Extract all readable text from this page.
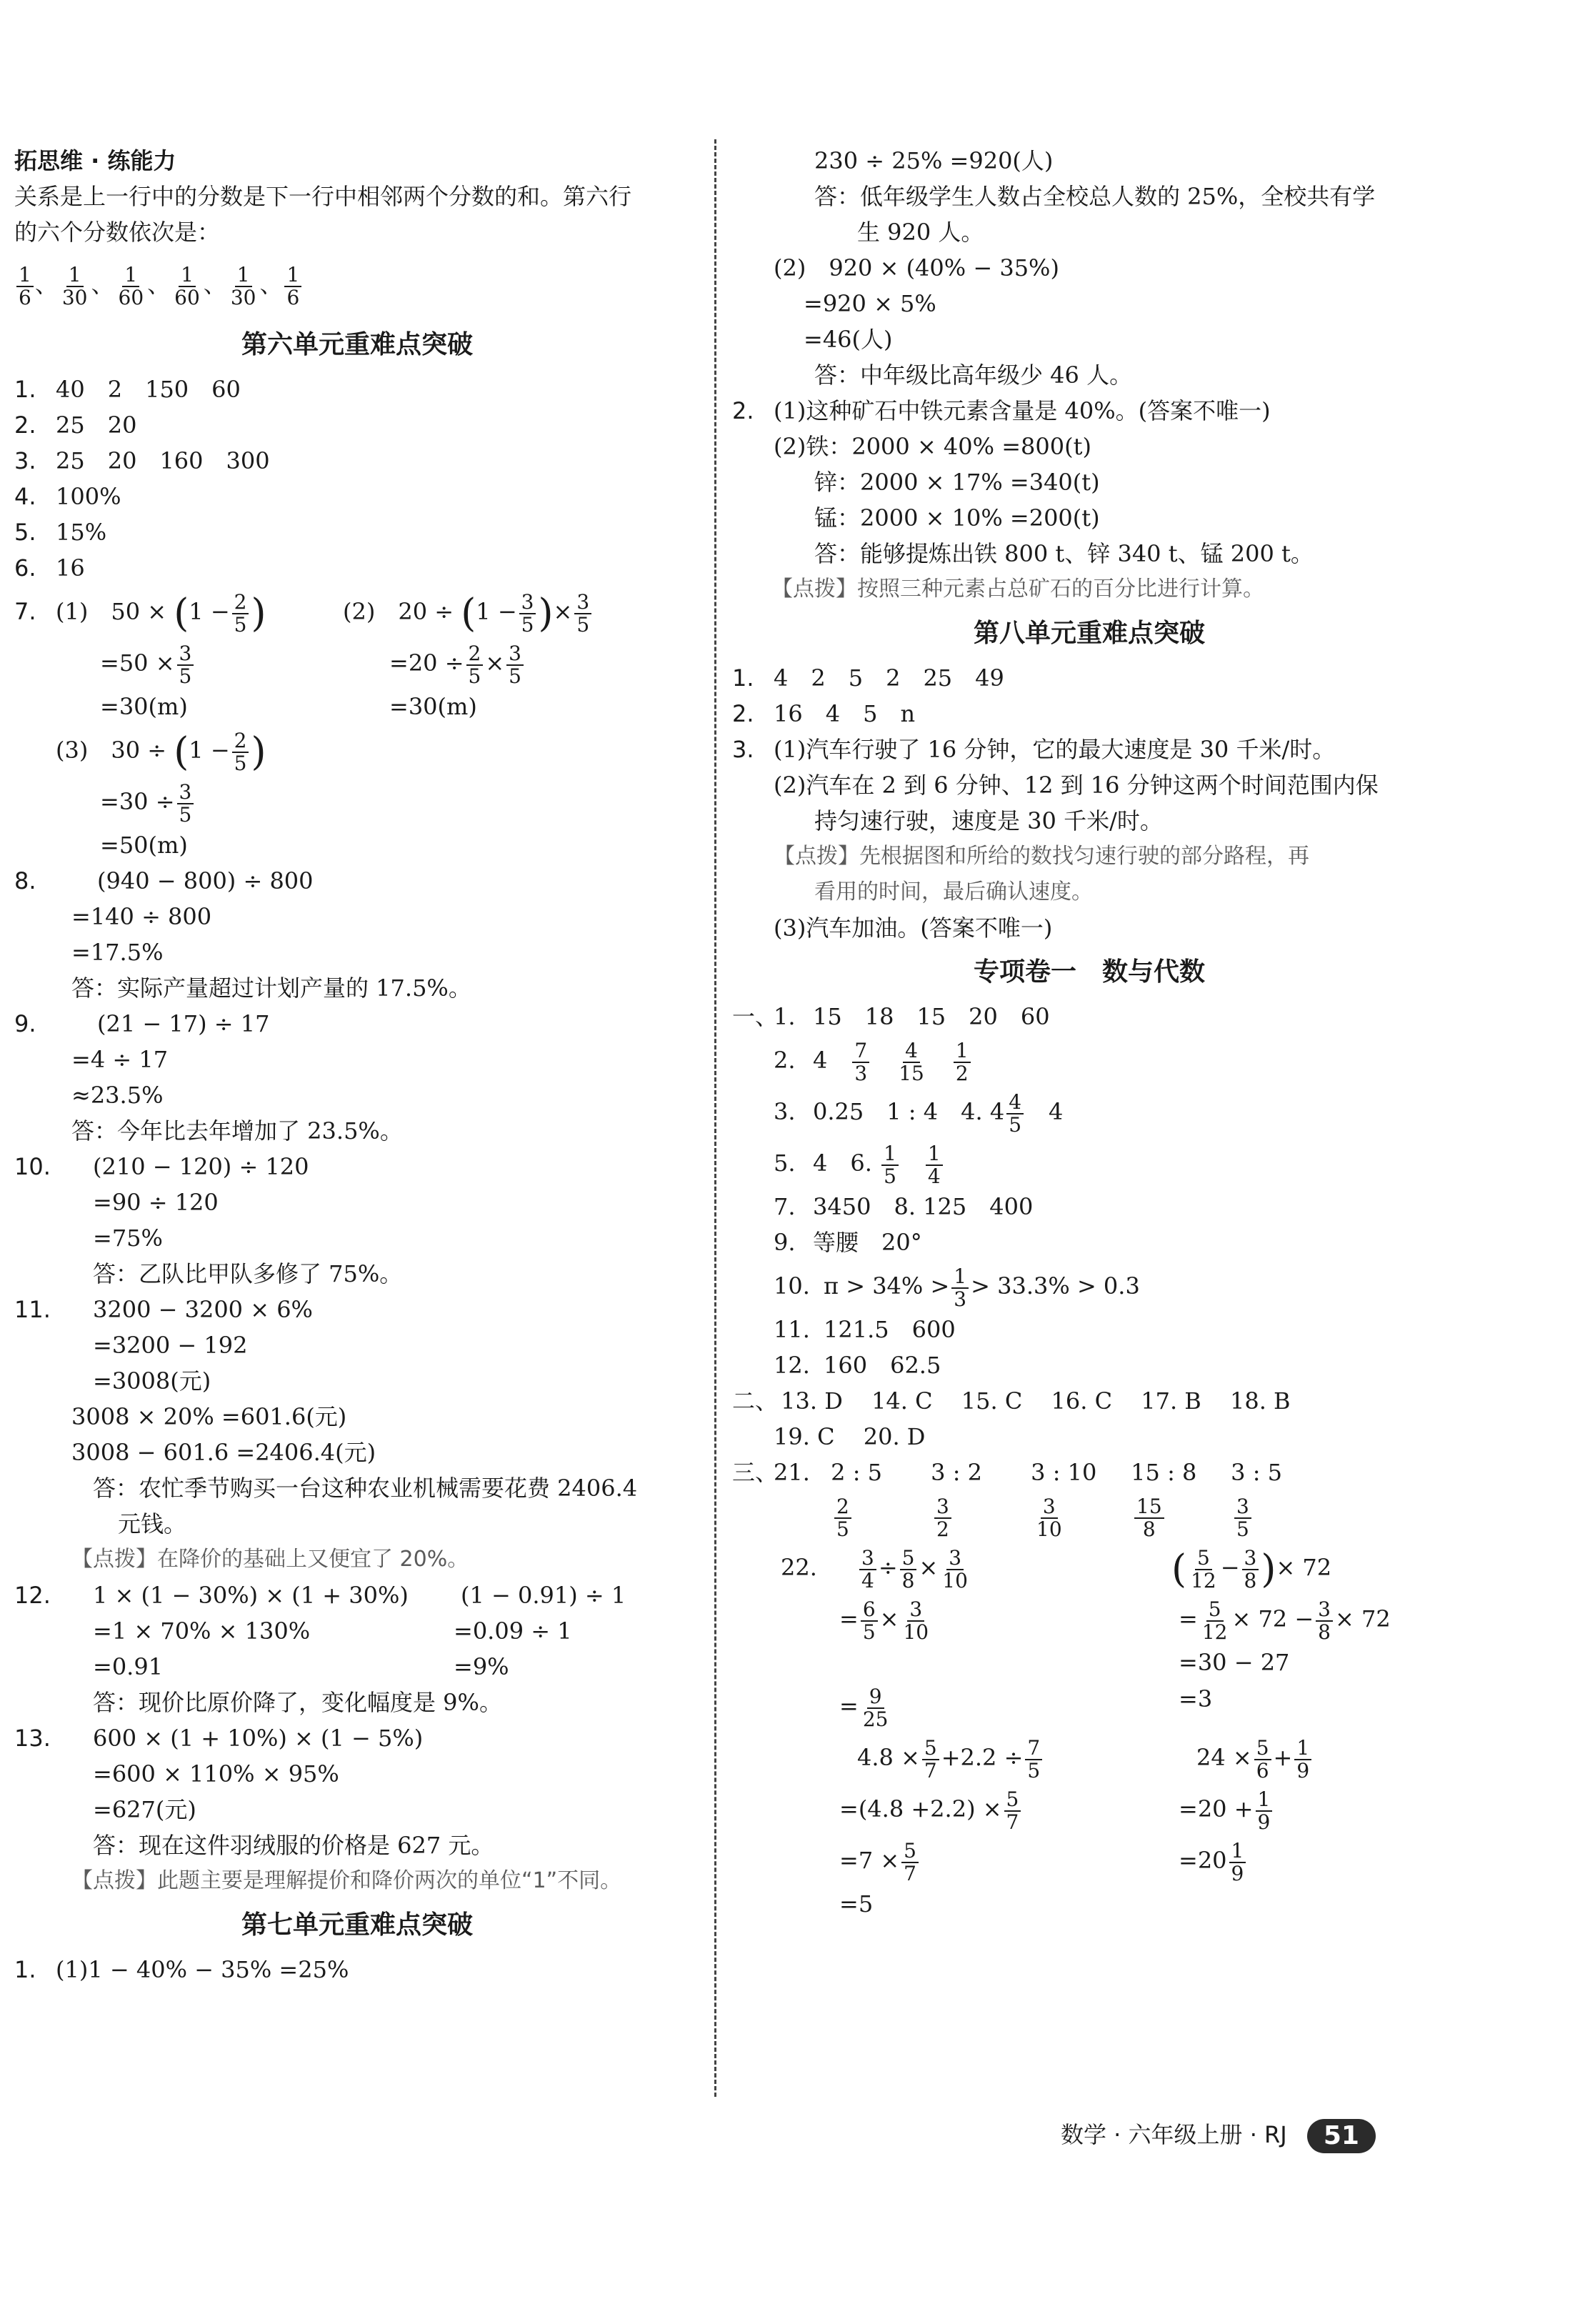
拓思维 · 练能力
关系是上一行中的分数是下一行中相邻两个分数的和。第六行
的六个分数依次是：
$\frac{1}{6}$ 、 $\frac{1}{30}$ 、 $\frac{1}{60}$ 、 $\frac{1}{60}$ 、 $\frac{1}{30}$ 、 $\frac{1}{6}$
第六单元重难点突破
1. 40　2　150　60
2. 25　20
3. 25　20　160　300
4. 100%
5. 15%
6. 16
7. (1)　$50 \times (1 - \frac{2}{5}$ )	(2)　$20 \div (1 - \frac{3}{5}$ )× $\frac{3}{5}$
$=50 \times \frac{3}{5}$	$=20 \div \frac{2}{5} \times \frac{3}{5}$
=30(m)	=30(m)
(3)　$30 \div (1 - \frac{2}{5}$ )
$=30 \div \frac{3}{5}$
=50(m)
8.	(940 − 800) ÷ 800
=140 ÷ 800
=17.5%
答：实际产量超过计划产量的 17.5%。
9.	(21 − 17) ÷ 17
=4 ÷ 17
≈23.5%
答：今年比去年增加了 23.5%。
10. (210 − 120) ÷ 120
=90 ÷ 120
=75%
答：乙队比甲队多修了 75%。
11. 3200 − 3200 × 6%
=3200 − 192
=3008(元)
3008 × 20% =601.6(元)
3008 − 601.6 =2406.4(元)
答：农忙季节购买一台这种农业机械需要花费 2406.4
元钱。
【点拨】在降价的基础上又便宜了 20%。
12. 1 × (1 − 30%) × (1 + 30%) (1 − 0.91) ÷ 1
=1 × 70% × 130%	=0.09 ÷ 1
=0.91	=9%
答：现价比原价降了，变化幅度是 9%。
13. 600 × (1 + 10%) × (1 − 5%)
=600 × 110% × 95%
=627(元)
答：现在这件羽绒服的价格是 627 元。
【点拨】此题主要是理解提价和降价两次的单位“1”不同。
第七单元重难点突破
1. (1)1 − 40% − 35% =25%
230 ÷ 25% =920(人)
答：低年级学生人数占全校总人数的 25%，全校共有学
生 920 人。
(2)　920 × (40% − 35%)
=920 × 5%
=46(人)
答：中年级比高年级少 46 人。
2. (1)这种矿石中铁元素含量是 40%。(答案不唯一)
(2)铁：2000 × 40% =800(t)
锌：2000 × 17% =340(t)
锰：2000 × 10% =200(t)
答：能够提炼出铁 800 t、锌 340 t、锰 200 t。
【点拨】按照三种元素占总矿石的百分比进行计算。
第八单元重难点突破
1. 4　2　5　2　25　49
2. 16　4　5　n
3. (1)汽车行驶了 16 分钟，它的最大速度是 30 千米/时。
(2)汽车在 2 到 6 分钟、12 到 16 分钟这两个时间范围内保
持匀速行驶，速度是 30 千米/时。
【点拨】先根据图和所给的数找匀速行驶的部分路程，再
看用的时间，最后确认速度。
(3)汽车加油。(答案不唯一)
专项卷一　数与代数
一、1. 15　18　15　20　60
2. 4　 $\frac{7}{3}$
　 $\frac{4}{15}$
　 $\frac{1}{2}$
3. 0.25　1 : 4　 4. $4 \frac{4}{5}$
　 4
5. 4　 6. $\frac{1}{5}$
　 $\frac{1}{4}$
7. 3450　 8. 125　400
9. 等腰　20°
10. $\pi > 34\% > \frac{1}{3} > 33.3\% > 0.3$
11. 121.5　600
12. 160　62.5
二、 13. D 14. C 15. C 16. C 17. B 18. B
19. C 20. D
三、21. 2 : 5 3 : 2 3 : 10 15 : 8 3 : 5
$\frac{2}{5}$	$\frac{3}{2}$	$\frac{3}{10}$	$\frac{15}{8}$	$\frac{3}{5}$
22. $\frac{3}{4} \div \frac{5}{8} \times \frac{3}{10}$	( $\frac{5}{12} - \frac{3}{8}$ )× 72
= $\frac{6}{5} \times \frac{3}{10}$	= $\frac{5}{12} \times 72 - \frac{3}{8} \times 72$
=30 − 27
= $\frac{9}{25}$	=3
$4.8 \times \frac{5}{7} +2.2 \div \frac{7}{5}$	$24 \times \frac{5}{6} + \frac{1}{9}$
$=(4.8 +2.2) \times \frac{5}{7}$	$=20 + \frac{1}{9}$
$=7 \times \frac{5}{7}$	$=20 \frac{1}{9}$
=5
数学 · 六年级上册 · RJ 51
